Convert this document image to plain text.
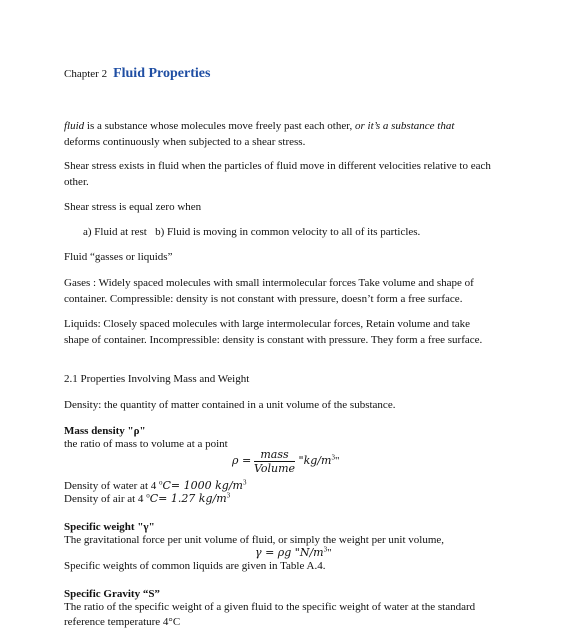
Chapter 2 Fluid Properties
fluid is a substance whose molecules move freely past each other, or it’s a substance that
deforms continuously when subjected to a shear stress.
Shear stress exists in fluid when the particles of fluid move in different velocities relative to each
other.
Shear stress is equal zero when
a) Fluid at rest b) Fluid is moving in common velocity to all of its particles.
Fluid “gasses or liquids”
Gases : Widely spaced molecules with small intermolecular forces Take volume and shape of
container. Compressible: density is not constant with pressure, doesn’t form a free surface.
Liquids: Closely spaced molecules with large intermolecular forces, Retain volume and take
shape of container. Incompressible: density is constant with pressure. They form a free surface.
2.1 Properties Involving Mass and Weight
Density: the quantity of matter contained in a unit volume of the substance.
Mass density "ρ"
the ratio of mass to volume at a point
$\rho = \frac{\text{mass}}{\text{Volume}}$ "$kg/m^3$"
Density of water at 4 $^o$C= 1000 $kg/m^3$
Density of air at 4 $^o$C= 1.27 $kg/m^3$
Specific weight "γ"
The gravitational force per unit volume of fluid, or simply the weight per unit volume,
γ = ρg "$N/m^3$"
Specific weights of common liquids are given in Table A.4.
Specific Gravity “S”
The ratio of the specific weight of a given fluid to the specific weight of water at the standard
reference temperature 4°C
